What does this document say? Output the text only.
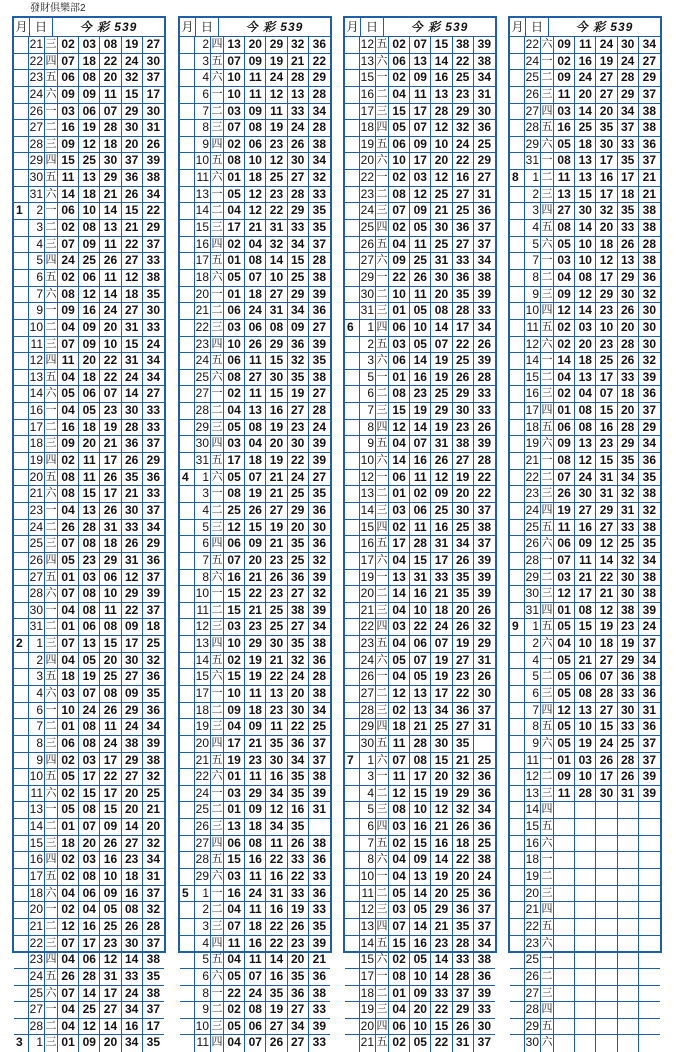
發財俱樂部2
月 日	今 彩 539
21 三 02 03 08 19 27
22 四 07 18 22 24 30
23 五 06 08 20 32 37
24 六 09 09 11 15 17
26 一 03 06 07 29 30
27 二 16 19 28 30 31
28 三 09 12 18 20 26
29 四 15 25 30 37 39
30 五 11 13 29 36 38
31 六 14 18 21 26 34
1	2 一 06 10 14 15 22
3 二 02 08 13 21 29
4 三 07 09 11 22 37
5 四 24 25 26 27 33
6 五 02 06 11 12 38
7 六 08 12 14 18 35
9 一 09 16 24 27 30
10 二 04 09 20 31 33
11 三 07 09 10 15 24
12 四 11 20 22 31 34
13 五 04 18 22 24 34
14 六 05 06 07 14 27
16 一 04 05 23 30 33
17 二 16 18 19 28 33
18 三 09 20 21 36 37
19 四 02 11 17 26 29
20 五 08 11 26 35 36
21 六 08 15 17 21 33
23 一 04 13 26 30 37
24 二 26 28 31 33 34
25 三 07 08 18 26 29
26 四 05 23 29 31 36
27 五 01 03 06 12 37
28 六 07 08 10 29 39
30 一 04 08 11 22 37
31 二 01 06 08 09 18
2	1 三 07 13 15 17 25
2 四 04 05 20 30 32
3 五 18 19 25 27 36
4 六 03 07 08 09 35
6 一 10 24 26 29 36
7 二 01 08 11 24 34
8 三 06 08 24 38 39
9 四 02 03 17 29 38
10 五 05 17 22 27 32
11 六 02 15 17 20 25
13 一 05 08 15 20 21
14 二 01 07 09 14 20
15 三 18 20 26 27 32
16 四 02 03 16 23 34
17 五 02 08 10 18 31
18 六 04 06 09 16 37
20 一 02 04 05 08 32
21 二 12 16 25 26 28
22 三 07 17 23 30 37
23 四 04 06 12 14 38
24 五 26 28 31 33 35
25 六 07 14 17 24 38
27 一 04 25 27 34 37
28 二 04 12 14 16 17
3	1 三 01 09 20 34 35
月 日	今 彩 539
2 四 13 20 29 32 36
3 五 07 09 19 21 22
4 六 10 11 24 28 29
6 一 10 11 12 13 28
7 二 03 09 11 33 34
8 三 07 08 19 24 28
9 四 02 06 23 26 38
10 五 08 10 12 30 34
11 六 01 18 25 27 32
13 一 05 12 23 28 33
14 二 04 12 22 29 35
15 三 17 21 31 33 35
16 四 02 04 32 34 37
17 五 01 08 14 15 28
18 六 05 07 10 25 38
20 一 01 18 27 29 39
21 二 06 24 31 34 36
22 三 03 06 08 09 27
23 四 10 26 29 36 39
24 五 06 11 15 32 35
25 六 08 27 30 35 38
27 一 02 11 15 19 27
28 二 04 13 16 27 28
29 三 05 08 19 23 24
30 四 03 04 20 30 39
31 五 17 18 19 22 39
4	1 六 05 07 21 24 27
3 一 08 19 21 25 35
4 二 25 26 27 29 36
5 三 12 15 19 20 30
6 四 06 09 21 35 36
7 五 07 20 23 25 32
8 六 16 21 26 36 39
10 一 15 22 23 27 32
11 二 15 21 25 38 39
12 三 03 23 25 27 34
13 四 10 29 30 35 38
14 五 02 19 21 32 36
15 六 15 19 22 24 28
17 一 10 11 13 20 38
18 二 09 18 23 30 34
19 三 04 09 11 22 25
20 四 17 21 35 36 37
21 五 19 23 30 34 37
22 六 01 11 16 35 38
24 一 03 29 34 35 39
25 二 01 09 12 16 31
26 三 13 18 34 35
27 四 06 08 11 26 38
28 五 15 16 22 33 36
29 六 03 11 16 22 33
5	1 一 16 24 31 33 36
2 二 04 11 16 19 33
3 三 07 18 22 26 35
4 四 11 16 22 23 39
5 五 04 11 14 20 21
6 六 05 07 16 35 36
8 一 22 24 35 36 38
9 二 02 08 19 27 33
10 三 05 06 27 34 39
11 四 04 07 26 27 33
月 日	今 彩 539
12 五 02 07 15 38 39
13 六 06 13 14 22 38
15 一 02 09 16 25 34
16 二 04 11 13 23 31
17 三 15 17 28 29 30
18 四 05 07 12 32 36
19 五 06 09 10 24 25
20 六 10 17 20 22 29
22 一 02 03 12 16 27
23 二 08 12 25 27 31
24 三 07 09 21 25 36
25 四 02 05 30 36 37
26 五 04 11 25 27 37
27 六 09 25 31 33 34
29 一 22 26 30 36 38
30 二 10 11 20 35 39
31 三 01 05 08 28 33
6	1 四 06 10 14 17 34
2 五 03 05 07 22 26
3 六 06 14 19 25 39
5 一 01 16 19 26 28
6 二 08 23 25 29 33
7 三 15 19 29 30 33
8 四 12 14 19 23 26
9 五 04 07 31 38 39
10 六 14 16 26 27 28
12 一 06 11 12 19 22
13 二 01 02 09 20 22
14 三 03 06 25 30 37
15 四 02 11 16 25 38
16 五 17 28 31 34 37
17 六 04 15 17 26 39
19 一 13 31 33 35 39
20 二 14 16 21 35 39
21 三 04 10 18 20 26
22 四 03 22 24 26 32
23 五 04 06 07 19 29
24 六 05 07 19 27 31
26 一 04 05 19 23 26
27 二 12 13 17 22 30
28 三 02 13 34 36 37
29 四 18 21 25 27 31
30 五 11 28 30 35
7	1 六 07 08 15 21 25
3 一 11 17 20 32 36
4 二 12 15 19 29 36
5 三 08 10 12 32 34
6 四 03 16 21 26 36
7 五 02 15 16 18 25
8 六 04 09 14 22 38
10 一 04 13 19 20 24
11 二 05 14 20 25 36
12 三 03 05 29 36 37
13 四 07 14 21 35 37
14 五 15 16 23 28 34
15 六 02 05 14 33 38
17 一 08 10 14 28 36
18 二 01 09 33 37 39
19 三 04 20 22 29 33
20 四 06 10 15 26 30
21 五 02 05 22 31 37
月 日	今 彩 539
22 六 09 11 24 30 34
24 一 02 16 19 24 27
25 二 09 24 27 28 29
26 三 11 20 27 29 37
27 四 03 14 20 34 38
28 五 16 25 35 37 38
29 六 05 18 30 33 36
31 一 08 13 17 35 37
8	1 二 11 13 16 17 21
2 三 13 15 17 18 21
3 四 27 30 32 35 38
4 五 08 14 20 33 38
5 六 05 10 18 26 28
7 一 03 10 12 13 38
8 二 04 08 17 29 36
9 三 09 12 29 30 32
10 四 12 14 23 26 30
11 五 02 03 10 20 30
12 六 02 20 23 28 30
14 一 14 18 25 26 32
15 二 04 13 17 33 39
16 三 02 04 07 18 36
17 四 01 08 15 20 37
18 五 06 08 16 28 29
19 六 09 13 23 29 34
21 一 08 12 15 35 36
22 二 07 24 31 34 35
23 三 26 30 31 32 38
24 四 19 27 29 31 32
25 五 11 16 27 33 38
26 六 06 09 12 25 35
28 一 07 11 14 32 34
29 二 03 21 22 30 38
30 三 12 17 21 30 38
31 四 01 08 12 38 39
9	1 五 05 15 19 23 24
2 六 04 10 18 19 37
4 一 05 21 27 29 34
5 二 05 06 07 36 38
6 三 05 08 28 33 36
7 四 12 13 27 30 31
8 五 05 10 15 33 36
9 六 05 19 24 25 37
11 一 01 03 26 28 37
12 二 09 10 17 26 39
13 三 11 28 30 31 39
14 四
15 五
16 六
18 一
19 二
20 三
21 四
22 五
23 六
25 一
26 二
27 三
28 四
29 五
30 六
